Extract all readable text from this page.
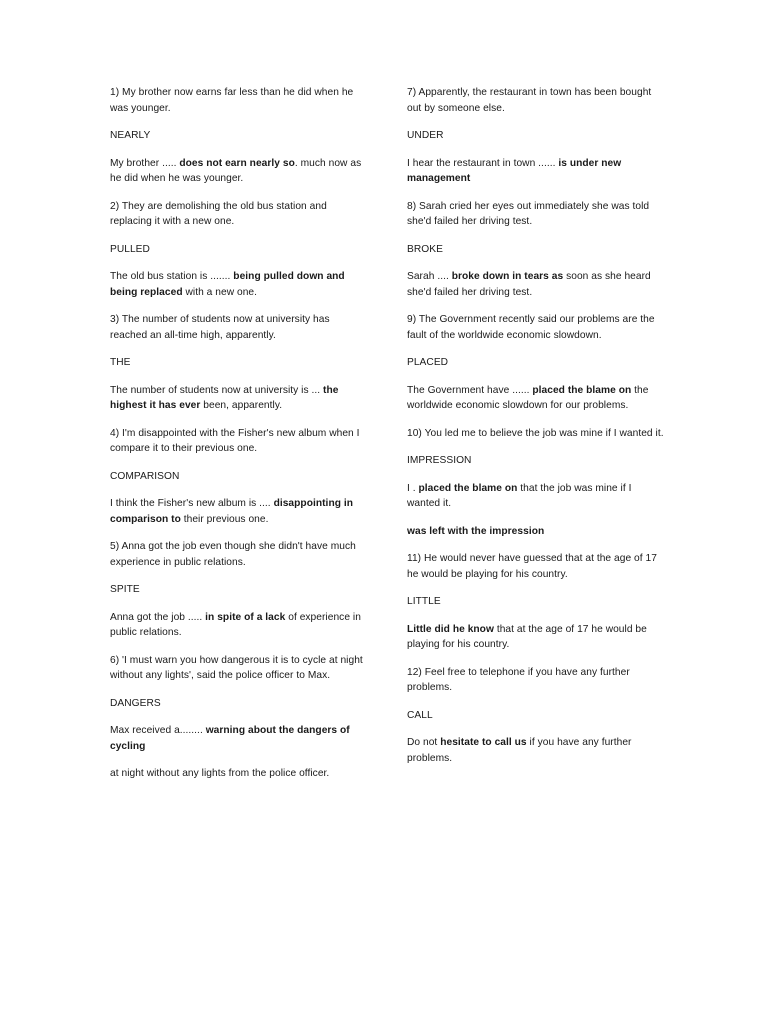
1) My brother now earns far less than he did when he was younger.

NEARLY

My brother ..... does not earn nearly so. much now as he did when he was younger.

2) They are demolishing the old bus station and replacing it with a new one.

PULLED

The old bus station is ....... being pulled down and being replaced with a new one.

3) The number of students now at university has reached an all-time high, apparently.

THE

The number of students now at university is ... the highest it has ever been, apparently.

4) I'm disappointed with the Fisher's new album when I compare it to their previous one.

COMPARISON

I think the Fisher's new album is .... disappointing in comparison to their previous one.

5) Anna got the job even though she didn't have much experience in public relations.

SPITE

Anna got the job ..... in spite of a lack of experience in public relations.

6) 'I must warn you how dangerous it is to cycle at night without any lights', said the police officer to Max.

DANGERS

Max received a........ warning about the dangers of cycling

at night without any lights from the police officer.

7) Apparently, the restaurant in town has been bought out by someone else.

UNDER

I hear the restaurant in town ...... is under new management

8) Sarah cried her eyes out immediately she was told she'd failed her driving test.

BROKE

Sarah .... broke down in tears as soon as she heard she'd failed her driving test.

9) The Government recently said our problems are the fault of the worldwide economic slowdown.

PLACED

The Government have ...... placed the blame on the worldwide economic slowdown for our problems.

10) You led me to believe the job was mine if I wanted it.

IMPRESSION

I . placed the blame on that the job was mine if I wanted it.

was left with the impression

11) He would never have guessed that at the age of 17 he would be playing for his country.

LITTLE

Little did he know that at the age of 17 he would be playing for his country.

12) Feel free to telephone if you have any further problems.

CALL

Do not hesitate to call us if you have any further problems.
